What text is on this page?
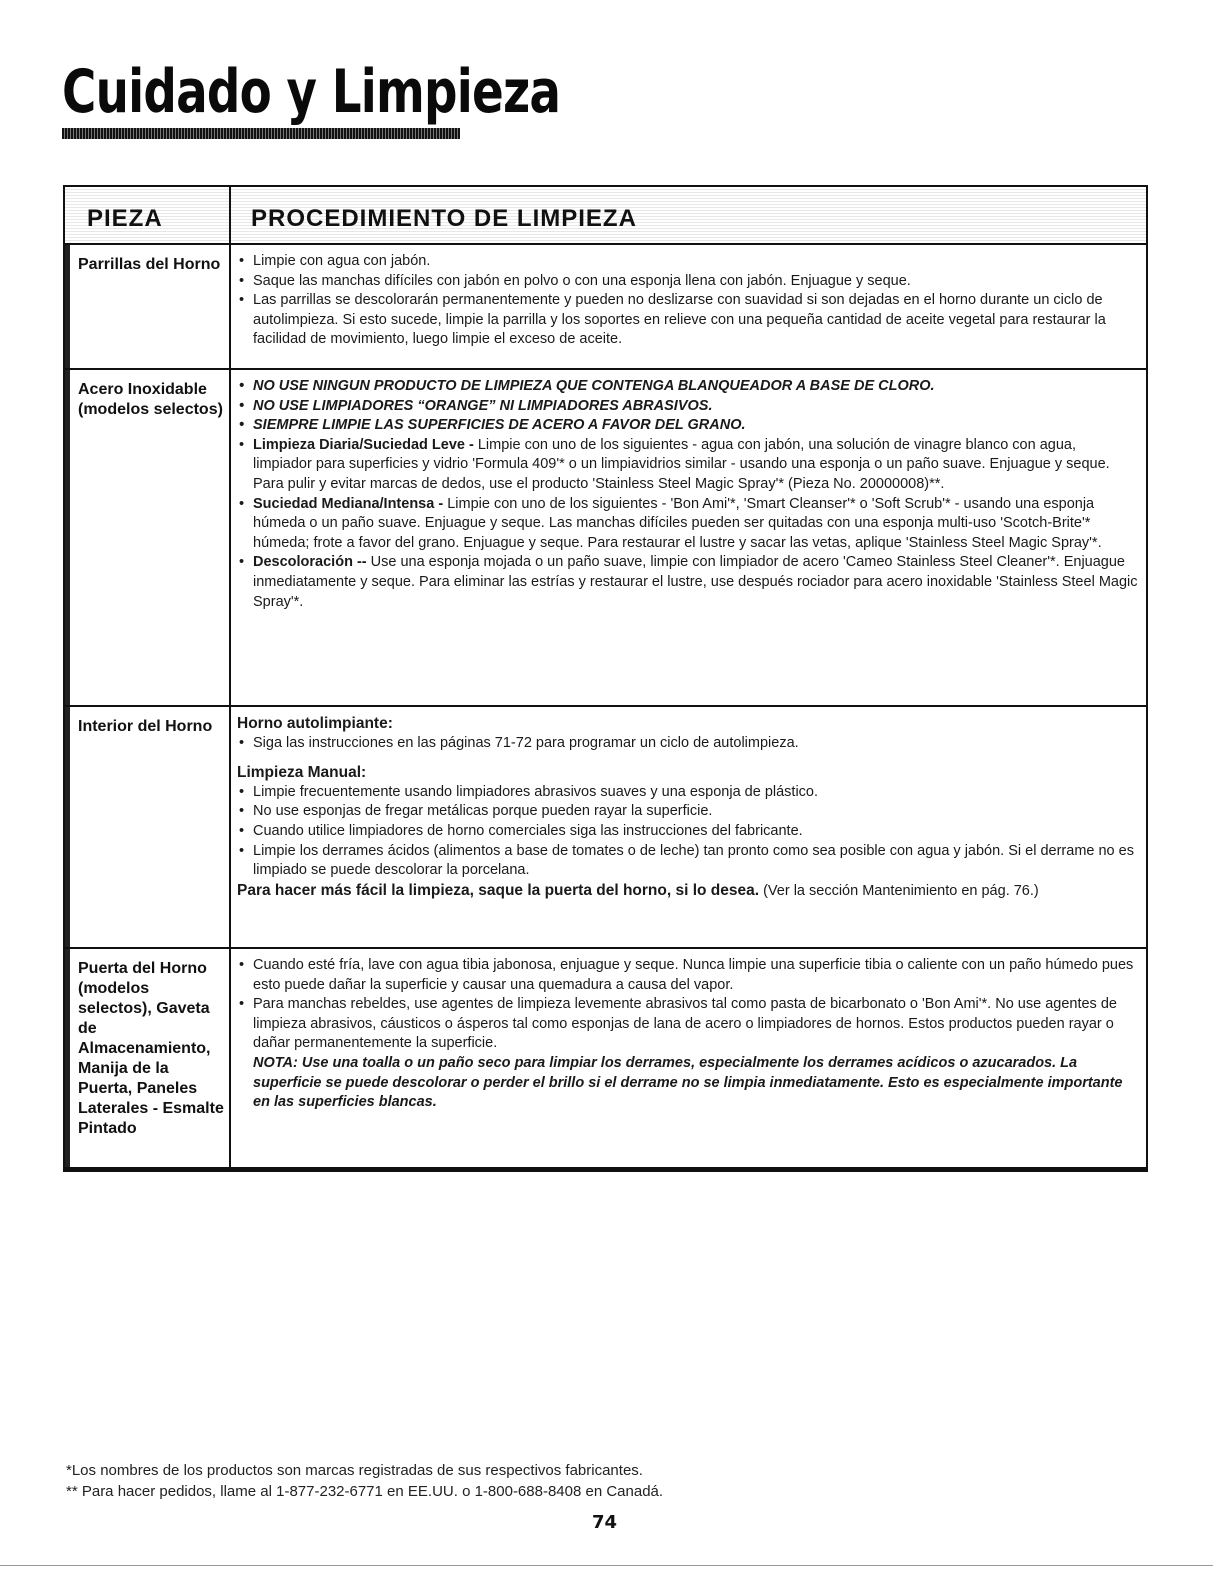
Cuidado y Limpieza
PIEZA	PROCEDIMIENTO DE LIMPIEZA
Parrillas del Horno

•	Limpie con agua con jabón.

• Saque las manchas difíciles con jabón en polvo o con una esponja llena con jabón. Enjuague y seque.

• Las parrillas se descolorarán permanentemente y pueden no deslizarse con suavidad si son dejadas en el horno durante un ciclo de autolimpieza. Si esto sucede, limpie la parrilla y los soportes en relieve con una pequeña cantidad de aceite vegetal para restaurar la facilidad de movimiento, luego limpie el exceso de aceite.

Acero Inoxidable (modelos selectos)

• NO USE NINGUN PRODUCTO DE LIMPIEZA QUE CONTENGA BLANQUEADOR A BASE DE CLORO.

• NO USE LIMPIADORES “ORANGE” NI LIMPIADORES ABRASIVOS.

• SIEMPRE LIMPIE LAS SUPERFICIES DE ACERO A FAVOR DEL GRANO.

• Limpieza Diaria/Suciedad Leve - Limpie con uno de los siguientes - agua con jabón, una solución de vinagre blanco con agua, limpiador para superficies y vidrio 'Formula 409'* o un limpiavidrios similar - usando una esponja o un paño suave. Enjuague y seque. Para pulir y evitar marcas de dedos, use el producto 'Stainless Steel Magic Spray'* (Pieza No. 20000008)**.

• Suciedad Mediana/Intensa - Limpie con uno de los siguientes - 'Bon Ami'*, 'Smart Cleanser'* o 'Soft Scrub'* - usando una esponja húmeda o un paño suave. Enjuague y seque. Las manchas difíciles pueden ser quitadas con una esponja multi-uso 'Scotch-Brite'* húmeda; frote a favor del grano. Enjuague y seque. Para restaurar el lustre y sacar las vetas, aplique 'Stainless Steel Magic Spray'*.

• Descoloración -- Use una esponja mojada o un paño suave, limpie con limpiador de acero 'Cameo Stainless Steel Cleaner'*. Enjuague inmediatamente y seque. Para eliminar las estrías y restaurar el lustre, use después rociador para acero inoxidable 'Stainless Steel Magic Spray'*.

Interior del Horno	Horno autolimpiante:

• Siga las instrucciones en las páginas 71-72 para programar un ciclo de autolimpieza.

Limpieza Manual:

• Limpie frecuentemente usando limpiadores abrasivos suaves y una esponja de plástico.

• No use esponjas de fregar metálicas porque pueden rayar la superficie.

• Cuando utilice limpiadores de horno comerciales siga las instrucciones del fabricante.

• Limpie los derrames ácidos (alimentos a base de tomates o de leche) tan pronto como sea posible con agua y jabón. Si el derrame no es limpiado se puede descolorar la porcelana.

Para hacer más fácil la limpieza, saque la puerta del horno, si lo desea. (Ver la sección Mantenimiento en pág. 76.)

Puerta del Horno (modelos selectos), Gaveta de Almacenamiento, Manija de la Puerta, Paneles Laterales - Esmalte Pintado

• Cuando esté fría, lave con agua tibia jabonosa, enjuague y seque. Nunca limpie una superficie tibia o caliente con un paño húmedo pues esto puede dañar la superficie y causar una quemadura a causa del vapor.

• Para manchas rebeldes, use agentes de limpieza levemente abrasivos tal como pasta de bicarbonato o 'Bon Ami'*. No use agentes de limpieza abrasivos, cáusticos o ásperos tal como esponjas de lana de acero o limpiadores de hornos. Estos productos pueden rayar o dañar permanentemente la superficie.

NOTA: Use una toalla o un paño seco para limpiar los derrames, especialmente los derrames acídicos o azucarados. La superficie se puede descolorar o perder el brillo si el derrame no se limpia inmediatamente. Esto es especialmente importante en las superficies blancas.

*Los nombres de los productos son marcas registradas de sus respectivos fabricantes.

** Para hacer pedidos, llame al 1-877-232-6771 en EE.UU. o 1-800-688-8408 en Canadá.

74
